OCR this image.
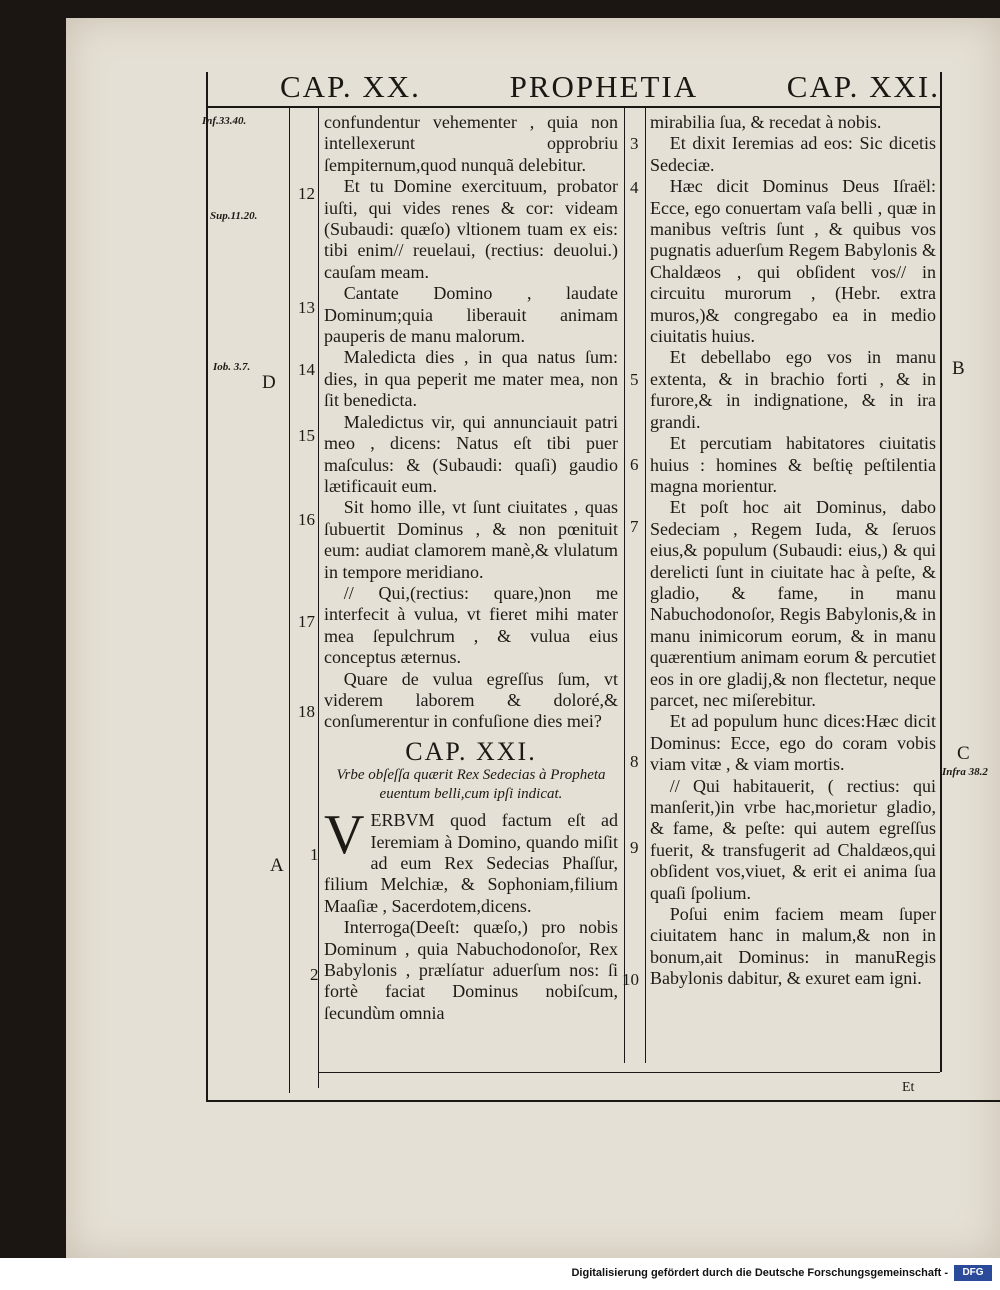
CAP. XX.	PROPHETIA	CAP. XXI.
Inf.33.40.
Sup.11.20.
Iob. 3.7.
D
A
B
C
Infra 38.2
12
13
14
15
16
17
18
1
2

confundentur vehementer , quia non intellexerunt opprobriu ſempiternum,quod nunquã delebitur.

Et tu Domine exercituum, probator iuſti, qui vides renes & cor: videam (Subaudi: quæſo) vltionem tuam ex eis: tibi enim// reuelaui, (rectius: deuolui.) cauſam meam.

Cantate Domino , laudate Dominum;quia liberauit animam pauperis de manu malorum.

Maledicta dies , in qua natus ſum: dies, in qua peperit me mater mea, non ſit benedicta.

Maledictus vir, qui annunciauit patri meo , dicens: Natus eſt tibi puer maſculus: & (Subaudi: quaſi) gaudio lætificauit eum.

Sit homo ille, vt ſunt ciuitates , quas ſubuertit Dominus , & non pœnituit eum: audiat clamorem manè,& vlulatum in tempore meridiano.

// Qui,(rectius: quare,)non me interfecit à vulua, vt fieret mihi mater mea ſepulchrum , & vulua eius conceptus æternus.

Quare de vulua egreſſus ſum, vt viderem laborem & doloré,& conſumerentur in confuſione dies mei?

CAP. XXI.
Vrbe obſeſſa quærit Rex Sedecias à Propheta euentum belli,cum ipſi indicat.

VERBVM quod factum eſt ad Ieremiam à Domino, quando miſit ad eum Rex Sedecias Phaſſur, filium Melchiæ, & Sophoniam,filium Maaſiæ , Sacerdotem,dicens.

Interroga(Deeſt: quæſo,) pro nobis Dominum , quia Nabuchodonoſor, Rex Babylonis , prælíatur aduerſum nos: ſi fortè faciat Dominus nobiſcum, ſecundùm omnia

3
4
5
6
7
8
9
10

mirabilia ſua, & recedat à nobis.

Et dixit Ieremias ad eos: Sic dicetis Sedeciæ.

Hæc dicit Dominus Deus Iſraël: Ecce, ego conuertam vaſa belli , quæ in manibus veſtris ſunt , & quibus vos pugnatis aduerſum Regem Babylonis & Chaldæos , qui obſident vos// in circuitu murorum , (Hebr. extra muros,)& congregabo ea in medio ciuitatis huius.

Et debellabo ego vos in manu extenta, & in brachio forti , & in furore,& in indignatione, & in ira grandi.

Et percutiam habitatores ciuitatis huius : homines & beſtię peſtilentia magna morientur.

Et poſt hoc ait Dominus, dabo Sedeciam , Regem Iuda, & ſeruos eius,& populum (Subaudi: eius,) & qui derelicti ſunt in ciuitate hac à peſte, & gladio, & fame, in manu Nabuchodonoſor, Regis Babylonis,& in manu inimicorum eorum, & in manu quærentium animam eorum & percutiet eos in ore gladij,& non flectetur, neque parcet, nec miſerebitur.

Et ad populum hunc dices:Hæc dicit Dominus: Ecce, ego do coram vobis viam vitæ , & viam mortis.

// Qui habitauerit, ( rectius: qui manſerit,)in vrbe hac,morietur gladio, & fame, & peſte: qui autem egreſſus fuerit, & transfugerit ad Chaldæos,qui obſident vos,viuet, & erit ei anima ſua quaſi ſpolium.

Poſui enim faciem meam ſuper ciuitatem hanc in malum,& non in bonum,ait Dominus: in manuRegis Babylonis dabitur, & exuret eam igni.

Et
Digitalisierung gefördert durch die Deutsche Forschungsgemeinschaft -	DFG
